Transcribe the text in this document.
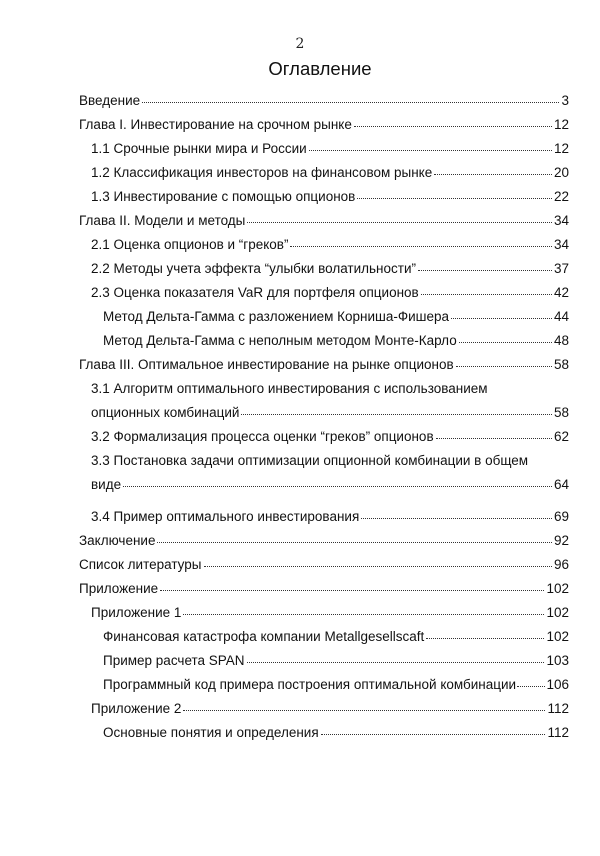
2
Оглавление
Введение	3
Глава I. Инвестирование на срочном рынке	12
1.1 Срочные рынки мира и России	12
1.2 Классификация инвесторов на финансовом рынке	20
1.3 Инвестирование с помощью опционов	22
Глава II. Модели и методы	34
2.1 Оценка опционов и “греков”	34
2.2 Методы учета эффекта “улыбки волатильности”	37
2.3 Оценка показателя VaR для портфеля опционов	42
Метод Дельта-Гамма с разложением Корниша-Фишера	44
Метод Дельта-Гамма с неполным методом Монте-Карло	48
Глава III. Оптимальное инвестирование на рынке опционов	58
3.1 Алгоритм оптимального инвестирования с использованием
опционных комбинаций	58
3.2 Формализация процесса оценки “греков” опционов	62
3.3 Постановка задачи оптимизации опционной комбинации в общем
виде	64
3.4 Пример оптимального инвестирования	69
Заключение	92
Список литературы	96
Приложение	102
Приложение 1	102
Финансовая катастрофа компании Metallgesellscaft	102
Пример расчета SPAN	103
Программный код примера построения оптимальной комбинации 106
Приложение 2	112
Основные понятия и определения	112
